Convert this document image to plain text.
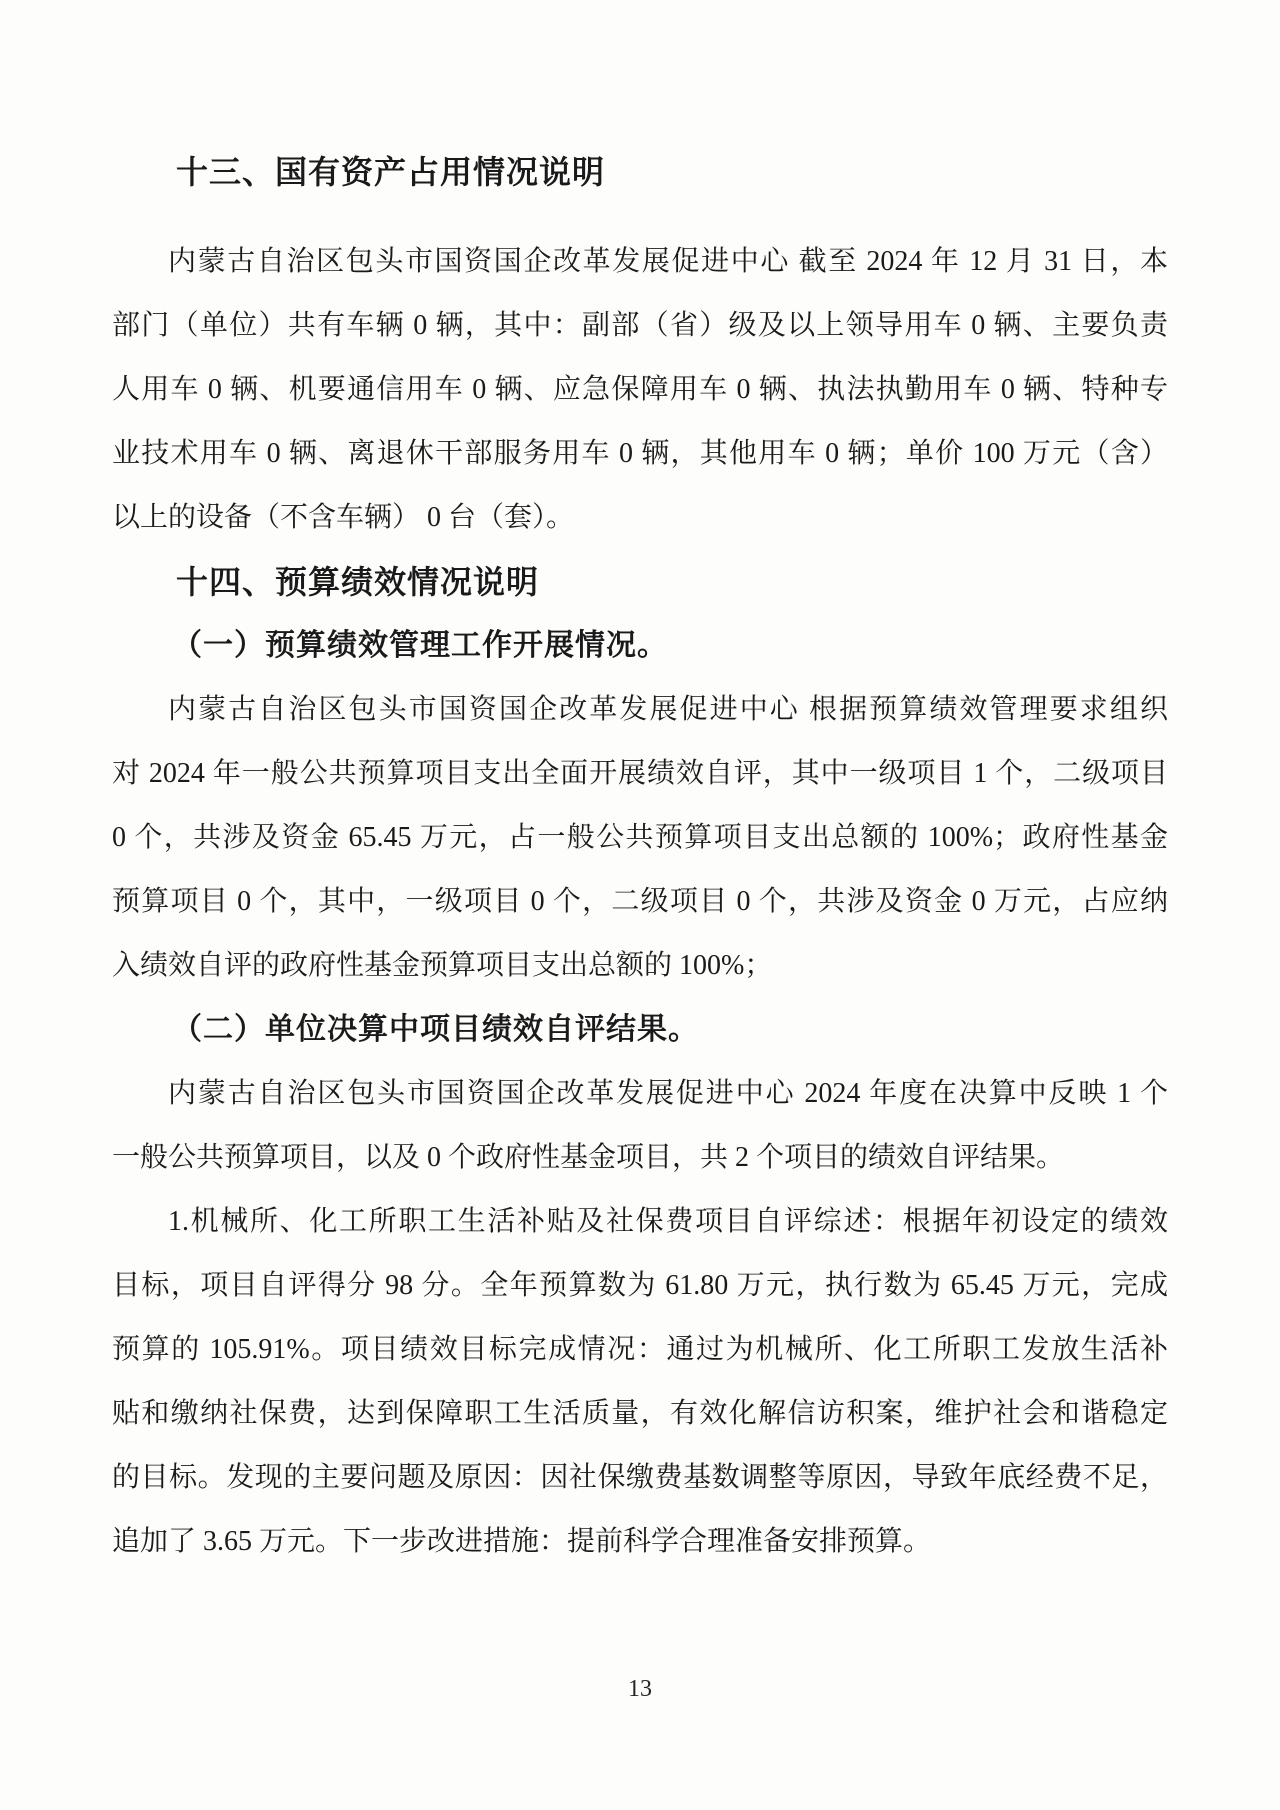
十三、国有资产占用情况说明

内蒙古自治区包头市国资国企改革发展促进中心 截至 2024 年 12 月 31 日，本
部门（单位）共有车辆 0 辆，其中：副部（省）级及以上领导用车 0 辆、主要负责
人用车 0 辆、机要通信用车 0 辆、应急保障用车 0 辆、执法执勤用车 0 辆、特种专
业技术用车 0 辆、离退休干部服务用车 0 辆，其他用车 0 辆；单价 100 万元（含）
以上的设备（不含车辆） 0 台（套）。

十四、预算绩效情况说明
（一）预算绩效管理工作开展情况。

内蒙古自治区包头市国资国企改革发展促进中心 根据预算绩效管理要求组织
对 2024 年一般公共预算项目支出全面开展绩效自评，其中一级项目 1 个，二级项目
0 个，共涉及资金 65.45 万元，占一般公共预算项目支出总额的 100%；政府性基金
预算项目 0 个，其中，一级项目 0 个，二级项目 0 个，共涉及资金 0 万元，占应纳
入绩效自评的政府性基金预算项目支出总额的 100%；

（二）单位决算中项目绩效自评结果。

内蒙古自治区包头市国资国企改革发展促进中心 2024 年度在决算中反映 1 个
一般公共预算项目，以及 0 个政府性基金项目，共 2 个项目的绩效自评结果。

1.机械所、化工所职工生活补贴及社保费项目自评综述：根据年初设定的绩效
目标，项目自评得分 98 分。全年预算数为 61.80 万元，执行数为 65.45 万元，完成
预算的 105.91%。项目绩效目标完成情况：通过为机械所、化工所职工发放生活补
贴和缴纳社保费，达到保障职工生活质量，有效化解信访积案，维护社会和谐稳定
的目标。发现的主要问题及原因：因社保缴费基数调整等原因，导致年底经费不足，
追加了 3.65 万元。下一步改进措施：提前科学合理准备安排预算。

13
